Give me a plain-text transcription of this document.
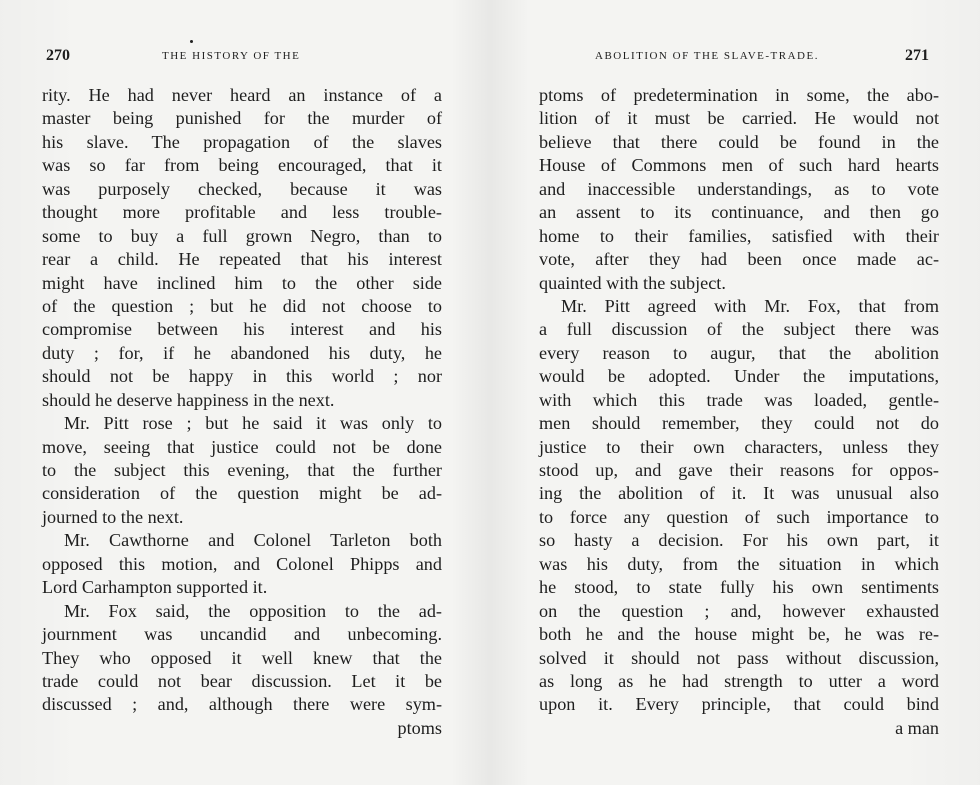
270	THE HISTORY OF THE
rity. He had never heard an instance of a
master being punished for the murder of
his slave. The propagation of the slaves
was so far from being encouraged, that it
was purposely checked, because it was
thought more profitable and less trouble-
some to buy a full grown Negro, than to
rear a child. He repeated that his interest
might have inclined him to the other side
of the question ; but he did not choose to
compromise between his interest and his
duty ; for, if he abandoned his duty, he
should not be happy in this world ; nor
should he deserve happiness in the next.
Mr. Pitt rose ; but he said it was only to
move, seeing that justice could not be done
to the subject this evening, that the further
consideration of the question might be ad-
journed to the next.
Mr. Cawthorne and Colonel Tarleton both
opposed this motion, and Colonel Phipps and
Lord Carhampton supported it.
Mr. Fox said, the opposition to the ad-
journment was uncandid and unbecoming.
They who opposed it well knew that the
trade could not bear discussion. Let it be
discussed ; and, although there were sym-
ptoms
ABOLITION OF THE SLAVE-TRADE.	271
ptoms of predetermination in some, the abo-
lition of it must be carried. He would not
believe that there could be found in the
House of Commons men of such hard hearts
and inaccessible understandings, as to vote
an assent to its continuance, and then go
home to their families, satisfied with their
vote, after they had been once made ac-
quainted with the subject.
Mr. Pitt agreed with Mr. Fox, that from
a full discussion of the subject there was
every reason to augur, that the abolition
would be adopted. Under the imputations,
with which this trade was loaded, gentle-
men should remember, they could not do
justice to their own characters, unless they
stood up, and gave their reasons for oppos-
ing the abolition of it. It was unusual also
to force any question of such importance to
so hasty a decision. For his own part, it
was his duty, from the situation in which
he stood, to state fully his own sentiments
on the question ; and, however exhausted
both he and the house might be, he was re-
solved it should not pass without discussion,
as long as he had strength to utter a word
upon it. Every principle, that could bind
a man
